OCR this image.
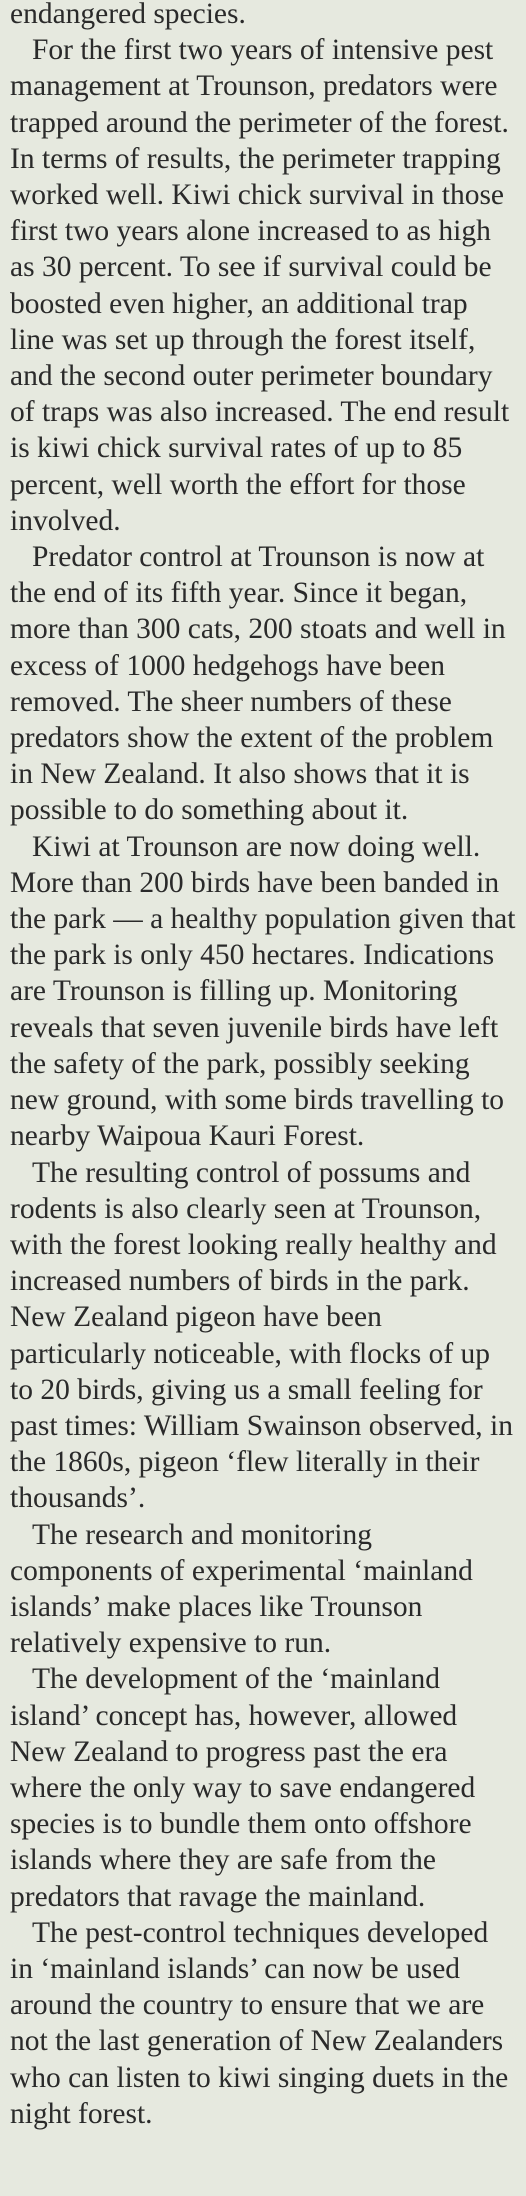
endangered species.

For the first two years of intensive pest management at Trounson, predators were trapped around the perimeter of the forest. In terms of results, the perimeter trapping worked well. Kiwi chick survival in those first two years alone increased to as high as 30 percent. To see if survival could be boosted even higher, an additional trap line was set up through the forest itself, and the second outer perimeter boundary of traps was also increased. The end result is kiwi chick survival rates of up to 85 percent, well worth the effort for those involved.

Predator control at Trounson is now at the end of its fifth year. Since it began, more than 300 cats, 200 stoats and well in excess of 1000 hedgehogs have been removed. The sheer numbers of these predators show the extent of the problem in New Zealand. It also shows that it is possible to do something about it.

Kiwi at Trounson are now doing well. More than 200 birds have been banded in the park — a healthy population given that the park is only 450 hectares. Indications are Trounson is filling up. Monitoring reveals that seven juvenile birds have left the safety of the park, possibly seeking new ground, with some birds travelling to nearby Waipoua Kauri Forest.

The resulting control of possums and rodents is also clearly seen at Trounson, with the forest looking really healthy and increased numbers of birds in the park. New Zealand pigeon have been particularly noticeable, with flocks of up to 20 birds, giving us a small feeling for past times: William Swainson observed, in the 1860s, pigeon ‘flew literally in their thousands’.

The research and monitoring components of experimental ‘mainland islands’ make places like Trounson relatively expensive to run.

The development of the ‘mainland island’ concept has, however, allowed New Zealand to progress past the era where the only way to save endangered species is to bundle them onto offshore islands where they are safe from the predators that ravage the mainland.

The pest-control techniques developed in ‘mainland islands’ can now be used around the country to ensure that we are not the last generation of New Zealanders who can listen to kiwi singing duets in the night forest.
